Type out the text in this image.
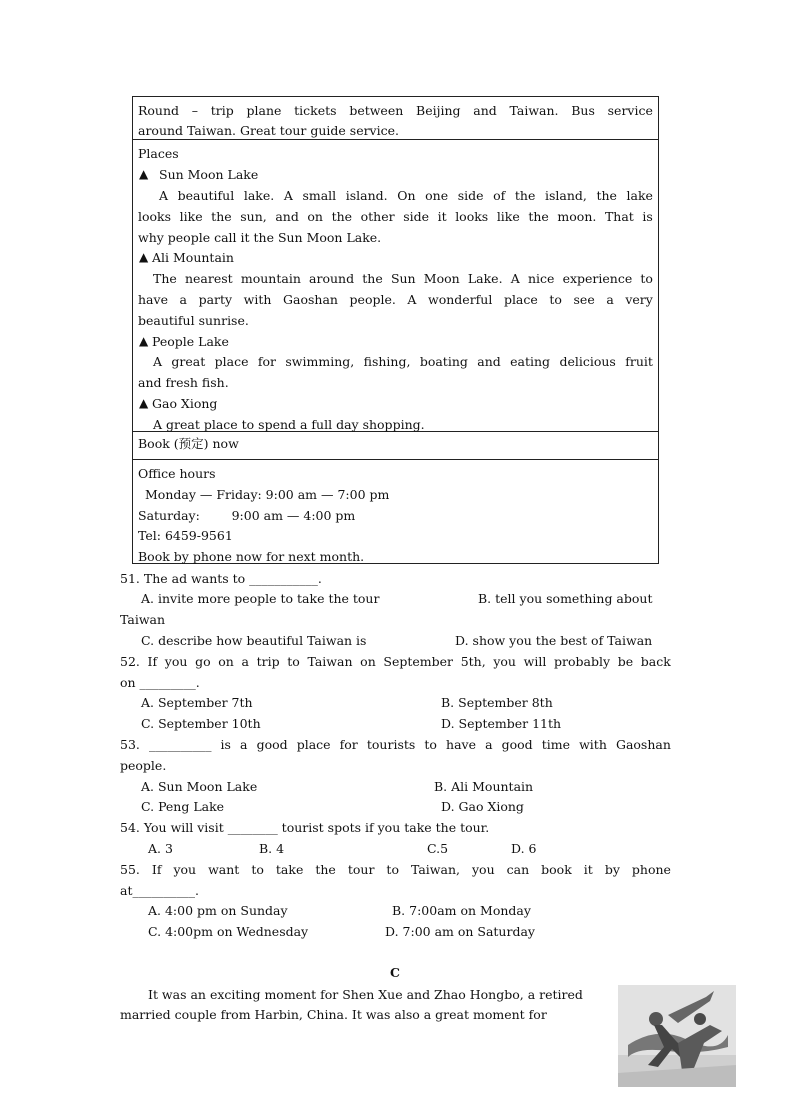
Round – trip plane tickets between Beijing and Taiwan. Bus service
around Taiwan. Great tour guide service.
Places
▲ Sun Moon Lake
A beautiful lake. A small island. On one side of the island, the lake
looks like the sun, and on the other side it looks like the moon. That is
why people call it the Sun Moon Lake.
▲ Ali Mountain
The nearest mountain around the Sun Moon Lake. A nice experience to
have a party with Gaoshan people. A wonderful place to see a very
beautiful sunrise.
▲ People Lake
A great place for swimming, fishing, boating and eating delicious fruit
and fresh fish.
▲ Gao Xiong
A great place to spend a full day shopping.
Book (预定) now
Office hours
Monday — Friday: 9:00 am — 7:00 pm
Saturday:        9:00 am — 4:00 pm
Tel: 6459-9561
Book by phone now for next month.
51. The ad wants to ___________.
A. invite more people to take the tour	B. tell you something about
Taiwan
C. describe how beautiful Taiwan is	D. show you the best of Taiwan
52. If you go on a trip to Taiwan on September 5th, you will probably be back
on _________.
A. September 7th	B. September 8th
C. September 10th	D. September 11th
53. __________ is a good place for tourists to have a good time with Gaoshan
people.
A. Sun Moon Lake	B. Ali Mountain
C. Peng Lake	D. Gao Xiong
54. You will visit ________ tourist spots if you take the tour.
A. 3	B. 4	C.5	D. 6
55. If you want to take the tour to Taiwan, you can book it by phone
at__________.
A. 4:00 pm on Sunday	B. 7:00am on Monday
C. 4:00pm on Wednesday	D. 7:00 am on Saturday
C
It was an exciting moment for Shen Xue and Zhao Hongbo, a retired
married couple from Harbin, China. It was also a great moment for
